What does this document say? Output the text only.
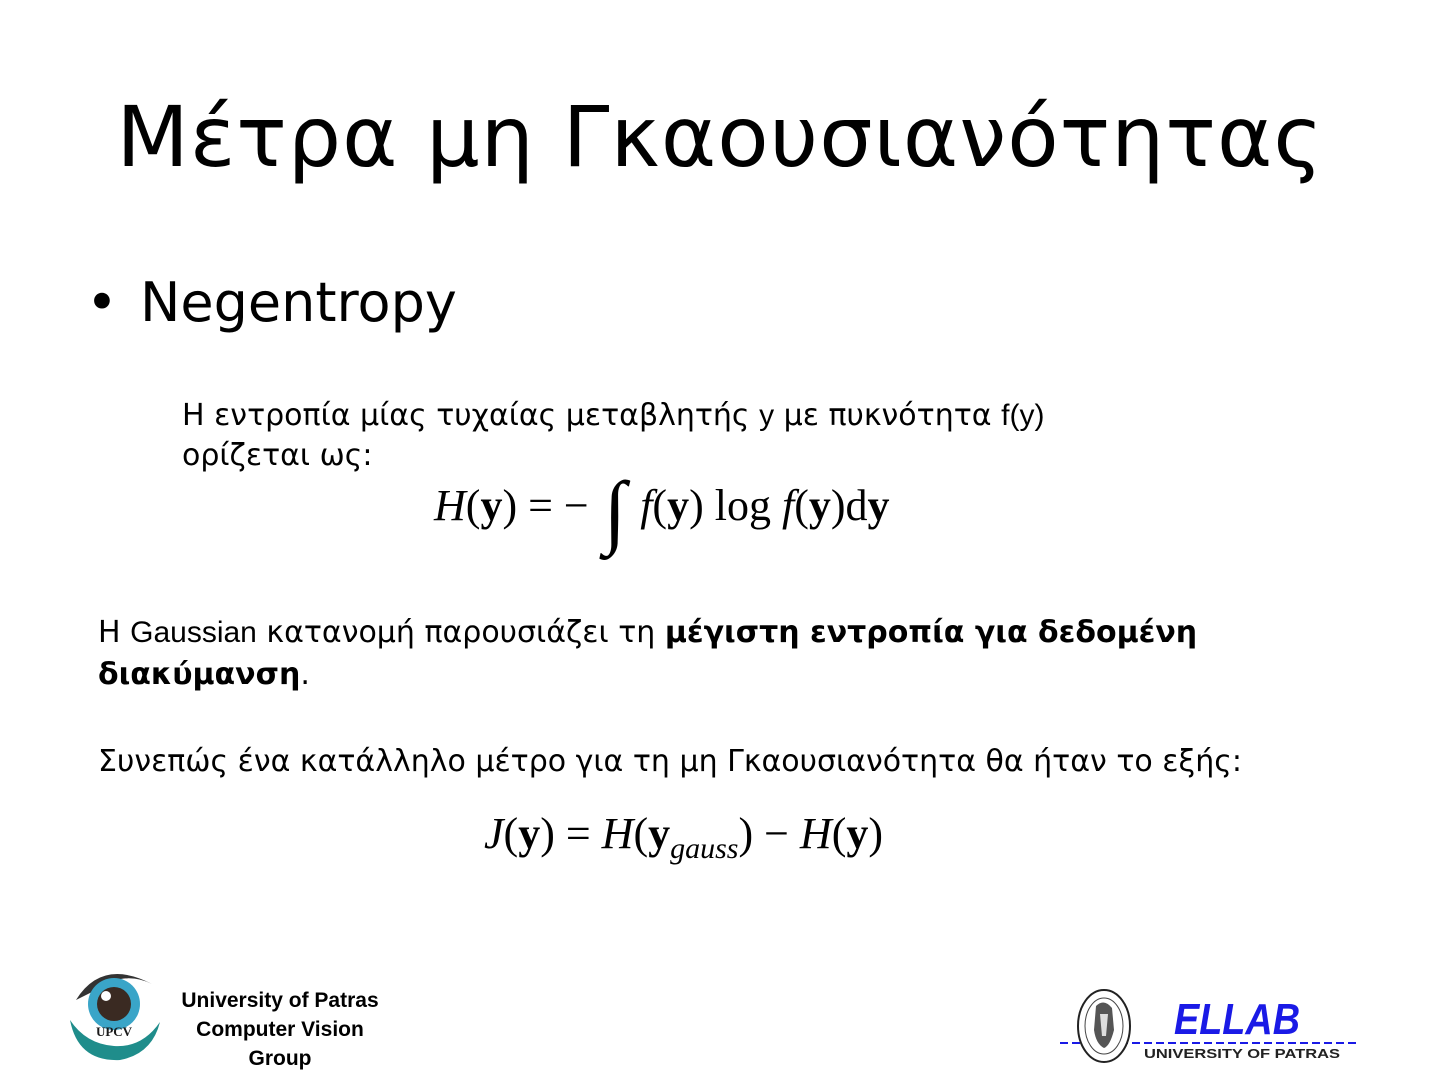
Μέτρα μη Γκαουσιανότητας
• Negentropy
Η εντροπία μίας τυχαίας μεταβλητής y με πυκνότητα f(y)
ορίζεται ως:
H(y) = − ∫ f(y) log f(y)dy
Η Gaussian κατανομή παρουσιάζει τη μέγιστη εντροπία για δεδομένη διακύμανση.
Συνεπώς ένα κατάλληλο μέτρο για τη μη Γκαουσιανότητα θα ήταν το εξής:
$J(y) = H(y_{gauss}) - H(y)$
UPCV
University of Patras
Computer Vision
Group
ELLAB
UNIVERSITY OF PATRAS
